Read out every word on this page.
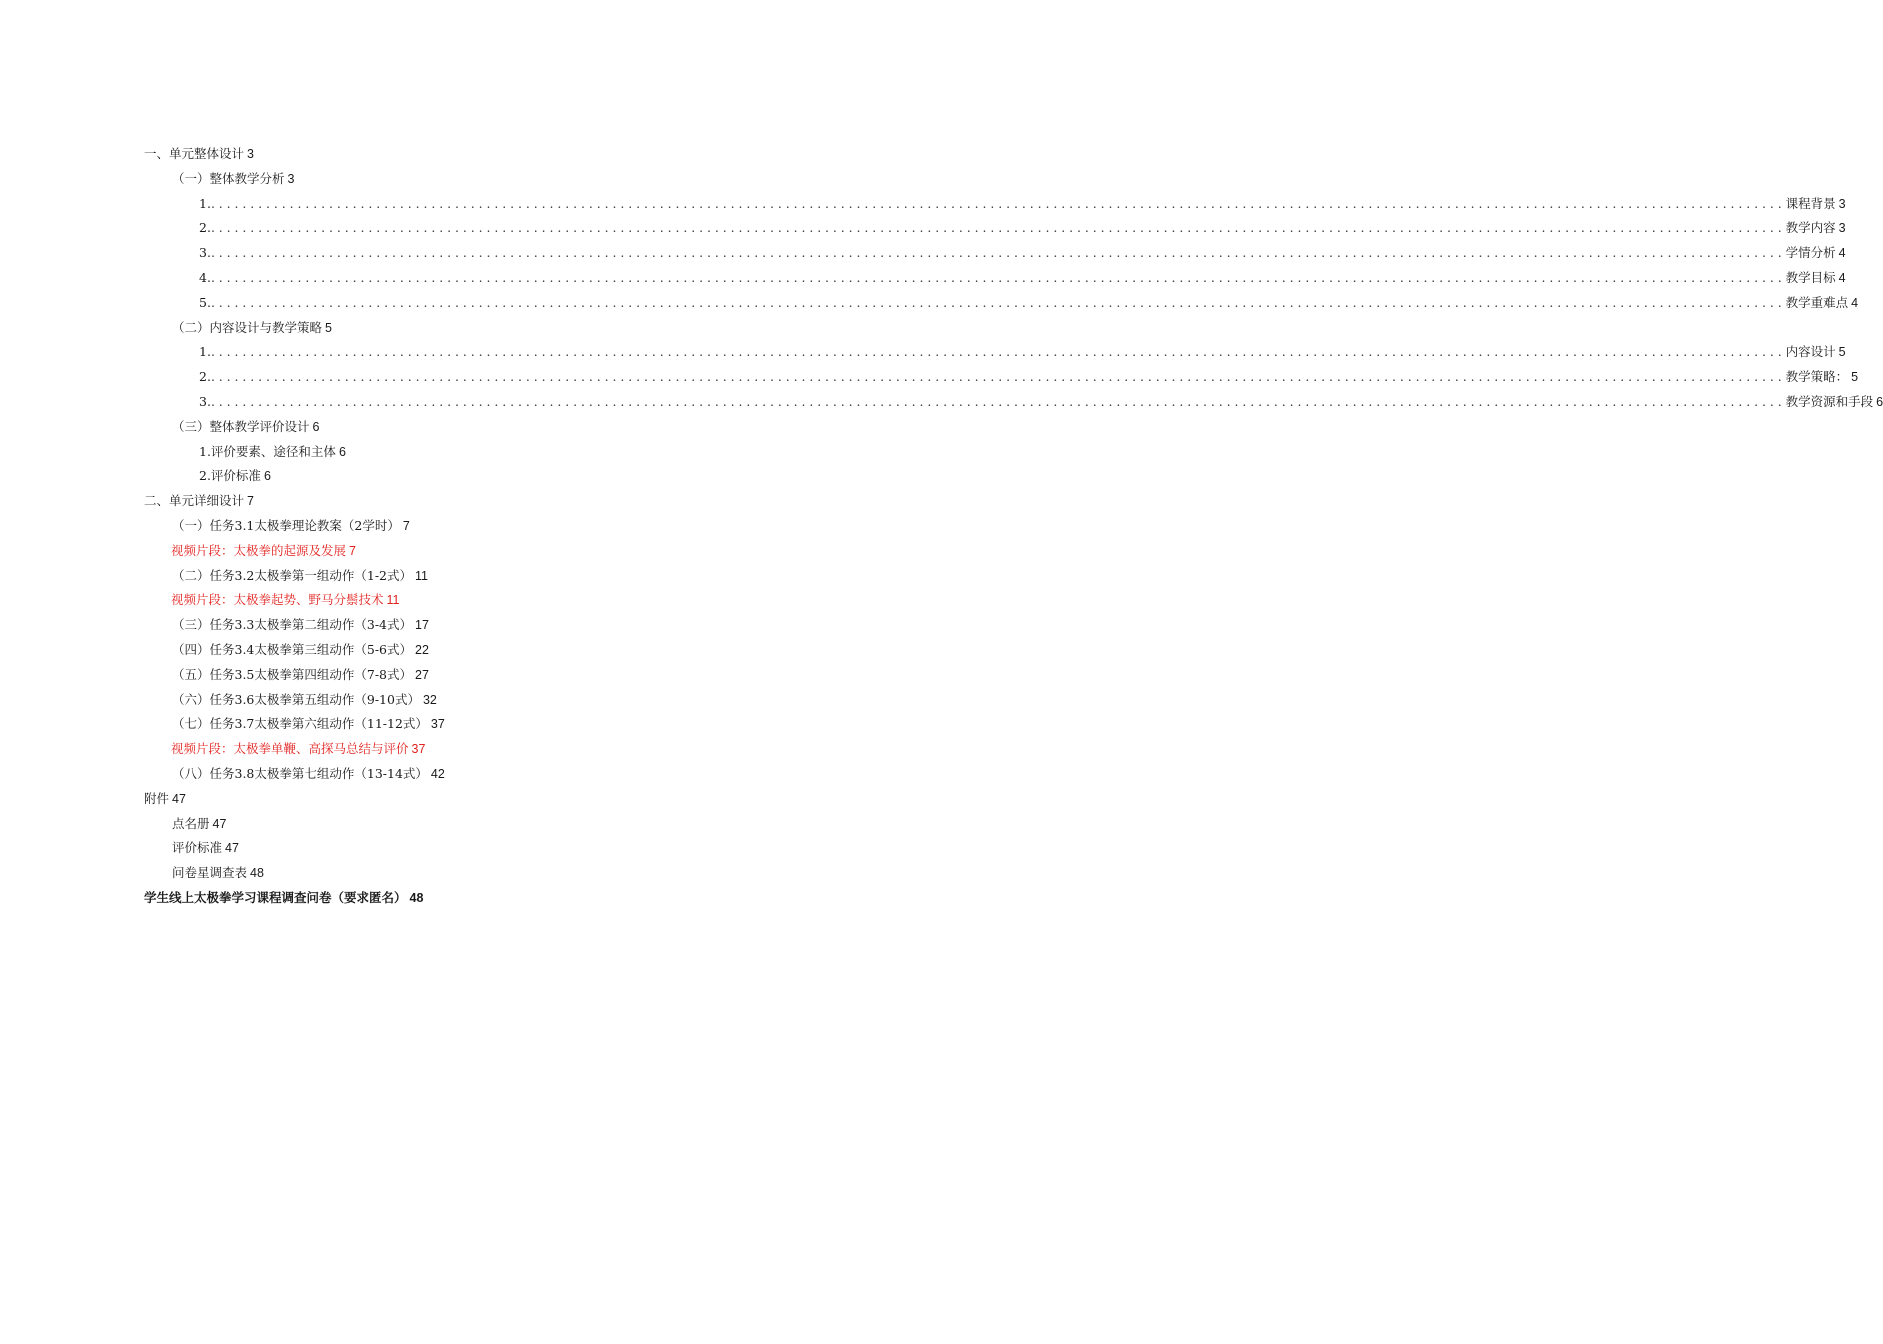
一、单元整体设计 3
（一）整体教学分析 3
1. ........................................................................................................................................................................................................ 课程背景 3
2. ........................................................................................................................................................................................................ 教学内容 3
3. ........................................................................................................................................................................................................ 学情分析 4
4. ........................................................................................................................................................................................................ 教学目标 4
5. ........................................................................................................................................................................................................ 教学重难点 4
（二）内容设计与教学策略 5
1. ........................................................................................................................................................................................................ 内容设计 5
2. ........................................................................................................................................................................................................ 教学策略： 5
3. ........................................................................................................................................................................................................ 教学资源和手段 6
（三）整体教学评价设计 6
1.评价要素、途径和主体 6
2.评价标准 6
二、单元详细设计 7
（一）任务3.1太极拳理论教案（2学时） 7
视频片段：太极拳的起源及发展 7
（二）任务3.2太极拳第一组动作（1-2式） 11
视频片段：太极拳起势、野马分鬃技术 11
（三）任务3.3太极拳第二组动作（3-4式） 17
（四）任务3.4太极拳第三组动作（5-6式） 22
（五）任务3.5太极拳第四组动作（7-8式） 27
（六）任务3.6太极拳第五组动作（9-10式） 32
（七）任务3.7太极拳第六组动作（11-12式） 37
视频片段：太极拳单鞭、高探马总结与评价 37
（八）任务3.8太极拳第七组动作（13-14式） 42
附件 47
点名册 47
评价标准 47
问卷星调查表 48
学生线上太极拳学习课程调查问卷（要求匿名） 48
